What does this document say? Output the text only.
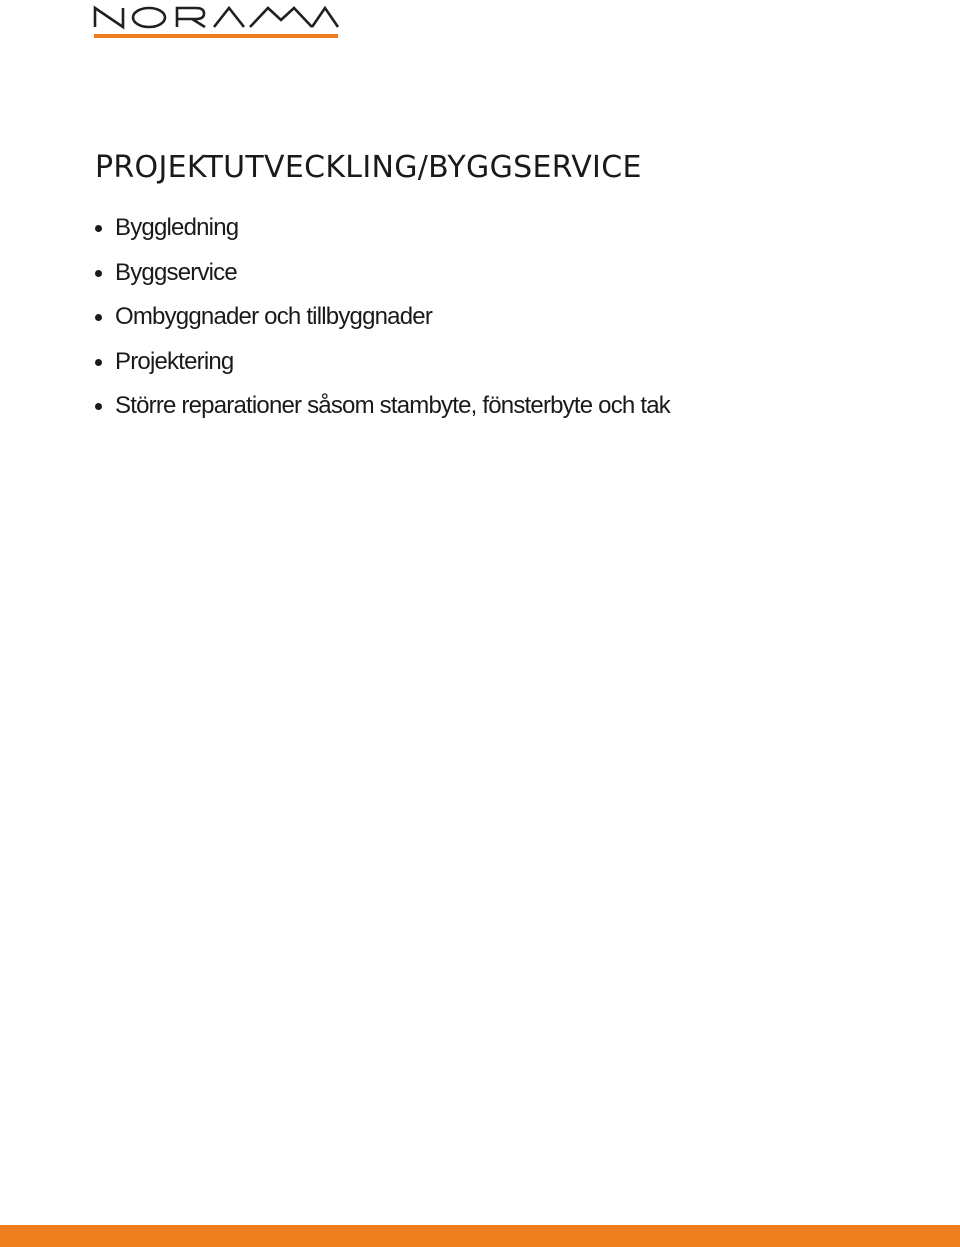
PROJEKTUTVECKLING/BYGGSERVICE
Byggledning
Byggservice
Ombyggnader och tillbyggnader
Projektering
Större reparationer såsom stambyte, fönsterbyte och tak
